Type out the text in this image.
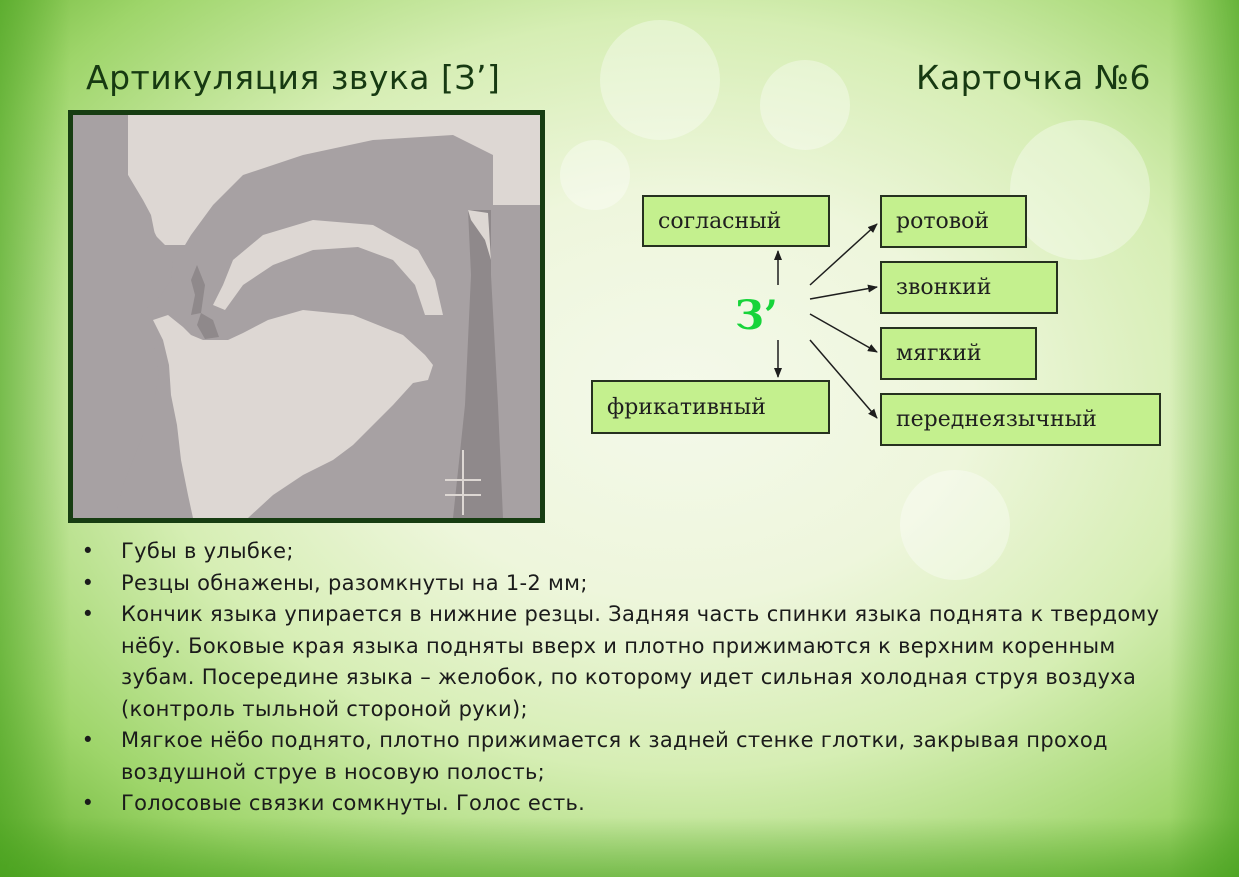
Артикуляция звука [З’]	Карточка №6
З’
согласный
фрикативный
ротовой
звонкий
мягкий
переднеязычный
• Губы в улыбке;
• Резцы обнажены, разомкнуты на 1-2 мм;
• Кончик языка упирается в нижние резцы. Задняя часть спинки языка поднята к твердому нёбу. Боковые края языка подняты вверх и плотно прижимаются к верхним коренным зубам. Посередине языка – желобок, по которому идет сильная холодная струя воздуха (контроль тыльной стороной руки);
• Мягкое нёбо поднято, плотно прижимается к задней стенке глотки, закрывая проход воздушной струе в носовую полость;
• Голосовые связки сомкнуты. Голос есть.
